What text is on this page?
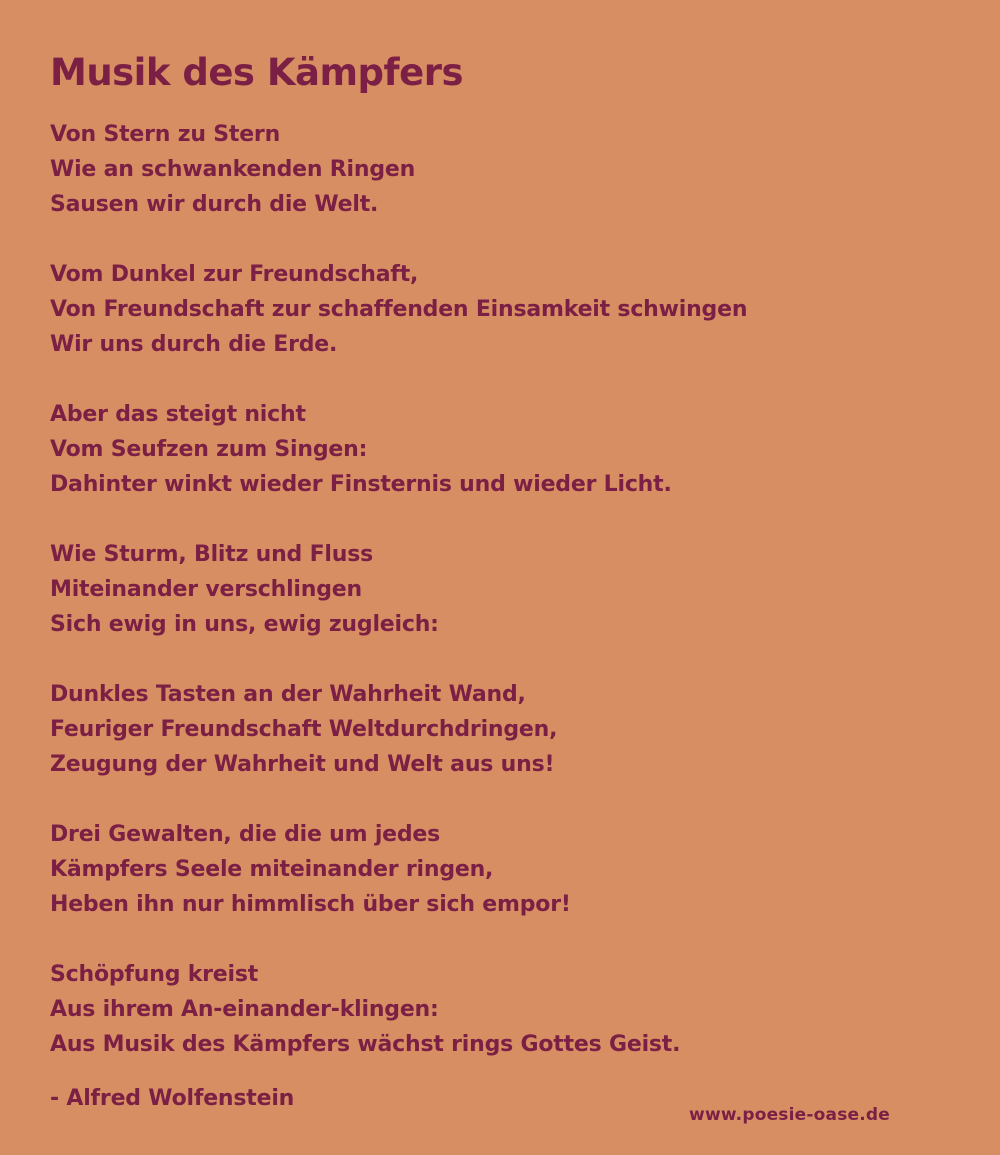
Musik des Kämpfers

Von Stern zu Stern

Wie an schwankenden Ringen

Sausen wir durch die Welt.

Vom Dunkel zur Freundschaft,

Von Freundschaft zur schaffenden Einsamkeit schwingen

Wir uns durch die Erde.

Aber das steigt nicht

Vom Seufzen zum Singen:

Dahinter winkt wieder Finsternis und wieder Licht.

Wie Sturm, Blitz und Fluss

Miteinander verschlingen

Sich ewig in uns, ewig zugleich:

Dunkles Tasten an der Wahrheit Wand,

Feuriger Freundschaft Weltdurchdringen,

Zeugung der Wahrheit und Welt aus uns!

Drei Gewalten, die die um jedes

Kämpfers Seele miteinander ringen,

Heben ihn nur himmlisch über sich empor!

Schöpfung kreist

Aus ihrem An-einander-klingen:

Aus Musik des Kämpfers wächst rings Gottes Geist.

- Alfred Wolfenstein

www.poesie-oase.de
